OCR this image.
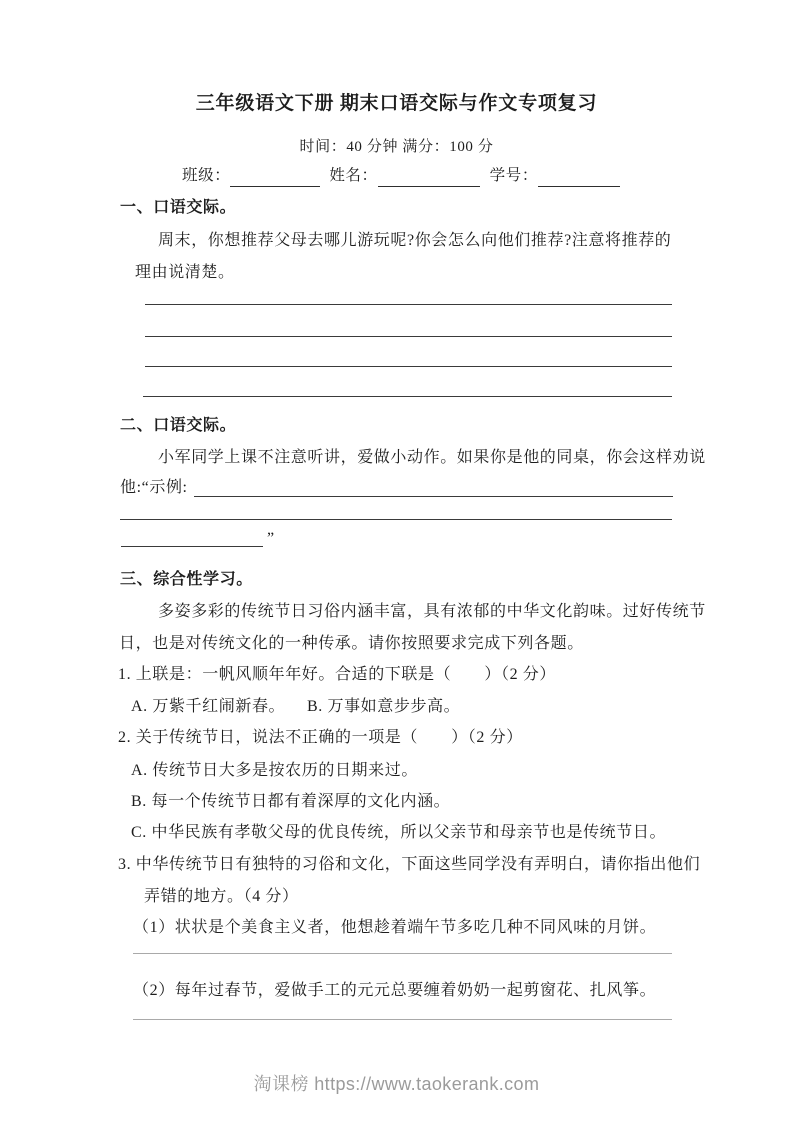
三年级语文下册 期末口语交际与作文专项复习
时间：40 分钟 满分：100 分
班级：	姓名：	学号：
一、口语交际。
周末，你想推荐父母去哪儿游玩呢?你会怎么向他们推荐?注意将推荐的
理由说清楚。
二、口语交际。
小军同学上课不注意听讲，爱做小动作。如果你是他的同桌，你会这样劝说
他:“示例:
”
三、综合性学习。
多姿多彩的传统节日习俗内涵丰富，具有浓郁的中华文化韵味。过好传统节
日，也是对传统文化的一种传承。请你按照要求完成下列各题。
1. 上联是：一帆风顺年年好。合适的下联是（　　）（2 分）
A. 万紫千红闹新春。 B. 万事如意步步高。
2. 关于传统节日，说法不正确的一项是（　　）（2 分）
A. 传统节日大多是按农历的日期来过。
B. 每一个传统节日都有着深厚的文化内涵。
C. 中华民族有孝敬父母的优良传统，所以父亲节和母亲节也是传统节日。
3. 中华传统节日有独特的习俗和文化，下面这些同学没有弄明白，请你指出他们
弄错的地方。（4 分）
（1）状状是个美食主义者，他想趁着端午节多吃几种不同风味的月饼。
（2）每年过春节，爱做手工的元元总要缠着奶奶一起剪窗花、扎风筝。
淘课榜 https://www.taokerank.com
